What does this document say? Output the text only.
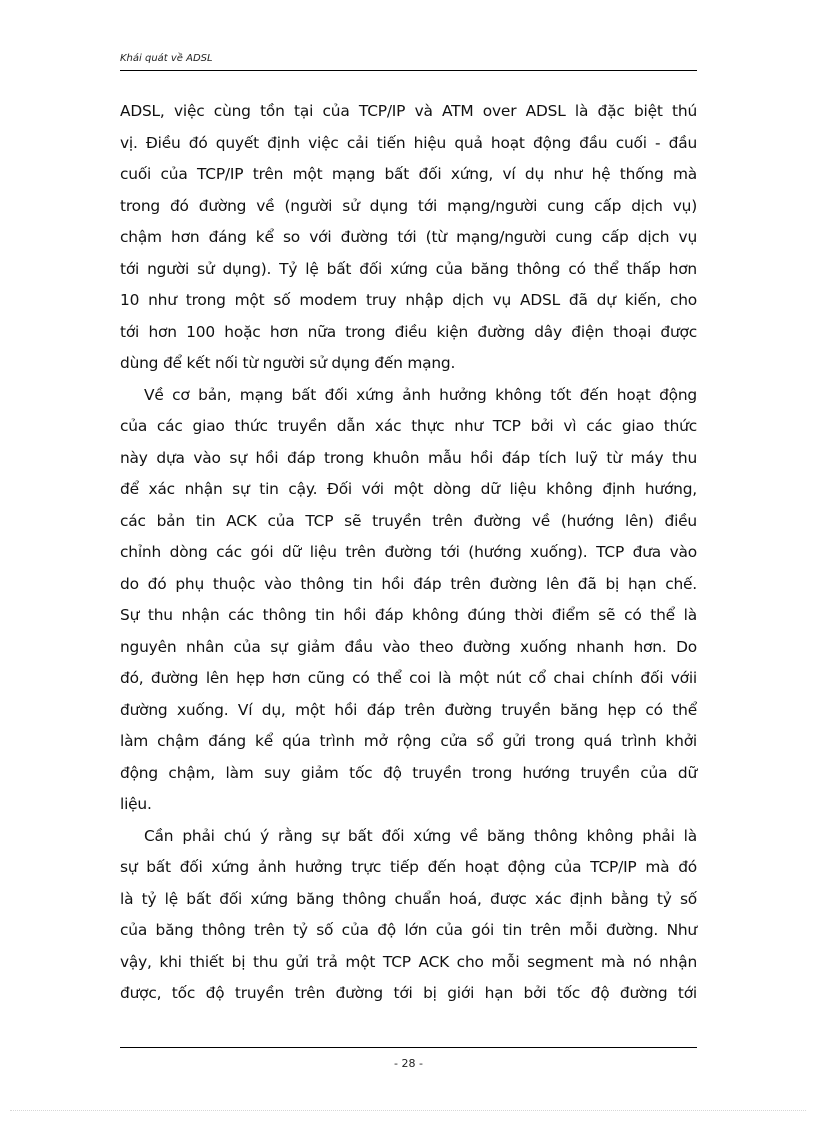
Khái quát về ADSL
ADSL, việc cùng tồn tại của TCP/IP và ATM over ADSL là đặc biệt thú
vị. Điều đó quyết định việc cải tiến hiệu quả hoạt động đầu cuối - đầu
cuối của TCP/IP trên một mạng bất đối xứng, ví dụ như hệ thống mà
trong đó đường về (người sử dụng tới mạng/người cung cấp dịch vụ)
chậm hơn đáng kể so với đường tới (từ mạng/người cung cấp dịch vụ
tới người sử dụng). Tỷ lệ bất đối xứng của băng thông có thể thấp hơn
10 như trong một số modem truy nhập dịch vụ ADSL đã dự kiến, cho
tới hơn 100 hoặc hơn nữa trong điều kiện đường dây điện thoại được
dùng để kết nối từ người sử dụng đến mạng.
Về cơ bản, mạng bất đối xứng ảnh hưởng không tốt đến hoạt động
của các giao thức truyền dẫn xác thực như TCP bởi vì các giao thức
này dựa vào sự hồi đáp trong khuôn mẫu hồi đáp tích luỹ từ máy thu
để xác nhận sự tin cậy. Đối với một dòng dữ liệu không định hướng,
các bản tin ACK của TCP sẽ truyền trên đường về (hướng lên) điều
chỉnh dòng các gói dữ liệu trên đường tới (hướng xuống). TCP đưa vào
do đó phụ thuộc vào thông tin hồi đáp trên đường lên đã bị hạn chế.
Sự thu nhận các thông tin hồi đáp không đúng thời điểm sẽ có thể là
nguyên nhân của sự giảm đầu vào theo đường xuống nhanh hơn. Do
đó, đường lên hẹp hơn cũng có thể coi là một nút cổ chai chính đối vớii
đường xuống. Ví dụ, một hồi đáp trên đường truyền băng hẹp có thể
làm chậm đáng kể qúa trình mở rộng cửa sổ gửi trong quá trình khởi
động chậm, làm suy giảm tốc độ truyền trong hướng truyền của dữ
liệu.
Cần phải chú ý rằng sự bất đối xứng về băng thông không phải là
sự bất đối xứng ảnh hưởng trực tiếp đến hoạt động của TCP/IP mà đó
là tỷ lệ bất đối xứng băng thông chuẩn hoá, được xác định bằng tỷ số
của băng thông trên tỷ số của độ lớn của gói tin trên mỗi đường. Như
vậy, khi thiết bị thu gửi trả một TCP ACK cho mỗi segment mà nó nhận
được, tốc độ truyền trên đường tới bị giới hạn bởi tốc độ đường tới
- 28 -
